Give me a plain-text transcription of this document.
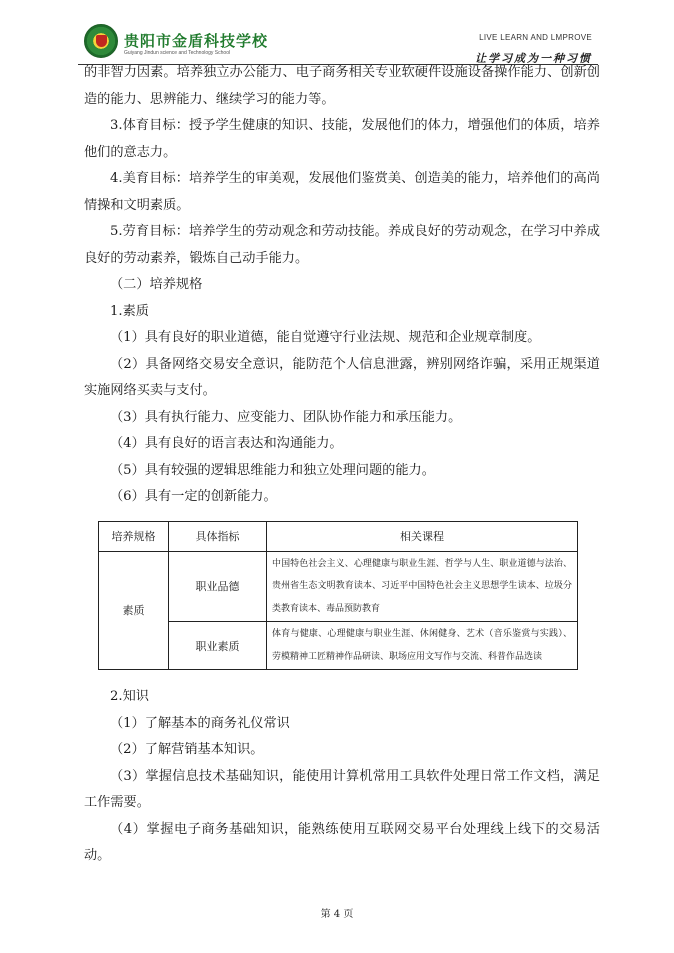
贵阳市金盾科技学校
Guiyang Jindun science and Technology School
LIVE LEARN AND LMPROVE
让学习成为一种习惯

的非智力因素。培养独立办公能力、电子商务相关专业软硬件设施设备操作能力、创新创造的能力、思辨能力、继续学习的能力等。

3.体育目标：授予学生健康的知识、技能，发展他们的体力，增强他们的体质，培养他们的意志力。

4.美育目标：培养学生的审美观，发展他们鉴赏美、创造美的能力，培养他们的高尚情操和文明素质。

5.劳育目标：培养学生的劳动观念和劳动技能。养成良好的劳动观念，在学习中养成良好的劳动素养，锻炼自己动手能力。

（二）培养规格

1.素质

（1）具有良好的职业道德，能自觉遵守行业法规、规范和企业规章制度。

（2）具备网络交易安全意识，能防范个人信息泄露，辨别网络诈骗，采用正规渠道实施网络买卖与支付。

（3）具有执行能力、应变能力、团队协作能力和承压能力。

（4）具有良好的语言表达和沟通能力。

（5）具有较强的逻辑思维能力和独立处理问题的能力。

（6）具有一定的创新能力。

培养规格	具体指标	相关课程
素质	职业品德	中国特色社会主义、心理健康与职业生涯、哲学与人生、职业道德与法治、贵州省生态文明教育读本、习近平中国特色社会主义思想学生读本、垃圾分类教育读本、毒品预防教育
	职业素质	体育与健康、心理健康与职业生涯、休闲健身、艺术（音乐鉴赏与实践）、劳模精神工匠精神作品研读、职场应用文写作与交流、科普作品选读

2.知识

（1）了解基本的商务礼仪常识

（2）了解营销基本知识。

（3）掌握信息技术基础知识，能使用计算机常用工具软件处理日常工作文档，满足工作需要。

（4）掌握电子商务基础知识，能熟练使用互联网交易平台处理线上线下的交易活动。

第 4 页
